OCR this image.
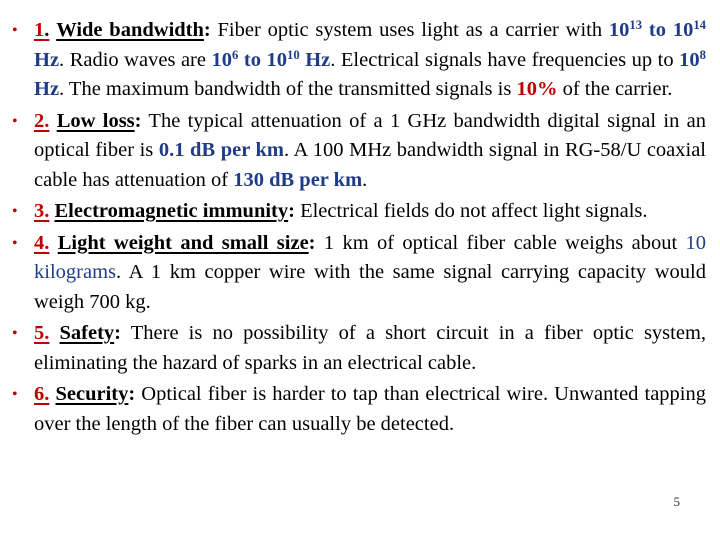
• 1. Wide bandwidth: Fiber optic system uses light as a carrier with $10^{13}$ to $10^{14}$ Hz. Radio waves are $10^6$ to $10^{10}$ Hz. Electrical signals have frequencies up to $10^8$ Hz. The maximum bandwidth of the transmitted signals is 10% of the carrier.
• 2. Low loss: The typical attenuation of a 1 GHz bandwidth digital signal in an optical fiber is 0.1 dB per km. A 100 MHz bandwidth signal in RG‑58/U coaxial cable has attenuation of 130 dB per km.
• 3. Electromagnetic immunity: Electrical fields do not affect light signals.
• 4. Light weight and small size: 1 km of optical fiber cable weighs about 10 kilograms. A 1 km copper wire with the same signal carrying capacity would weigh 700 kg.
• 5. Safety: There is no possibility of a short circuit in a fiber optic system, eliminating the hazard of sparks in an electrical cable.
• 6. Security: Optical fiber is harder to tap than electrical wire. Unwanted tapping over the length of the fiber can usually be detected.
5
